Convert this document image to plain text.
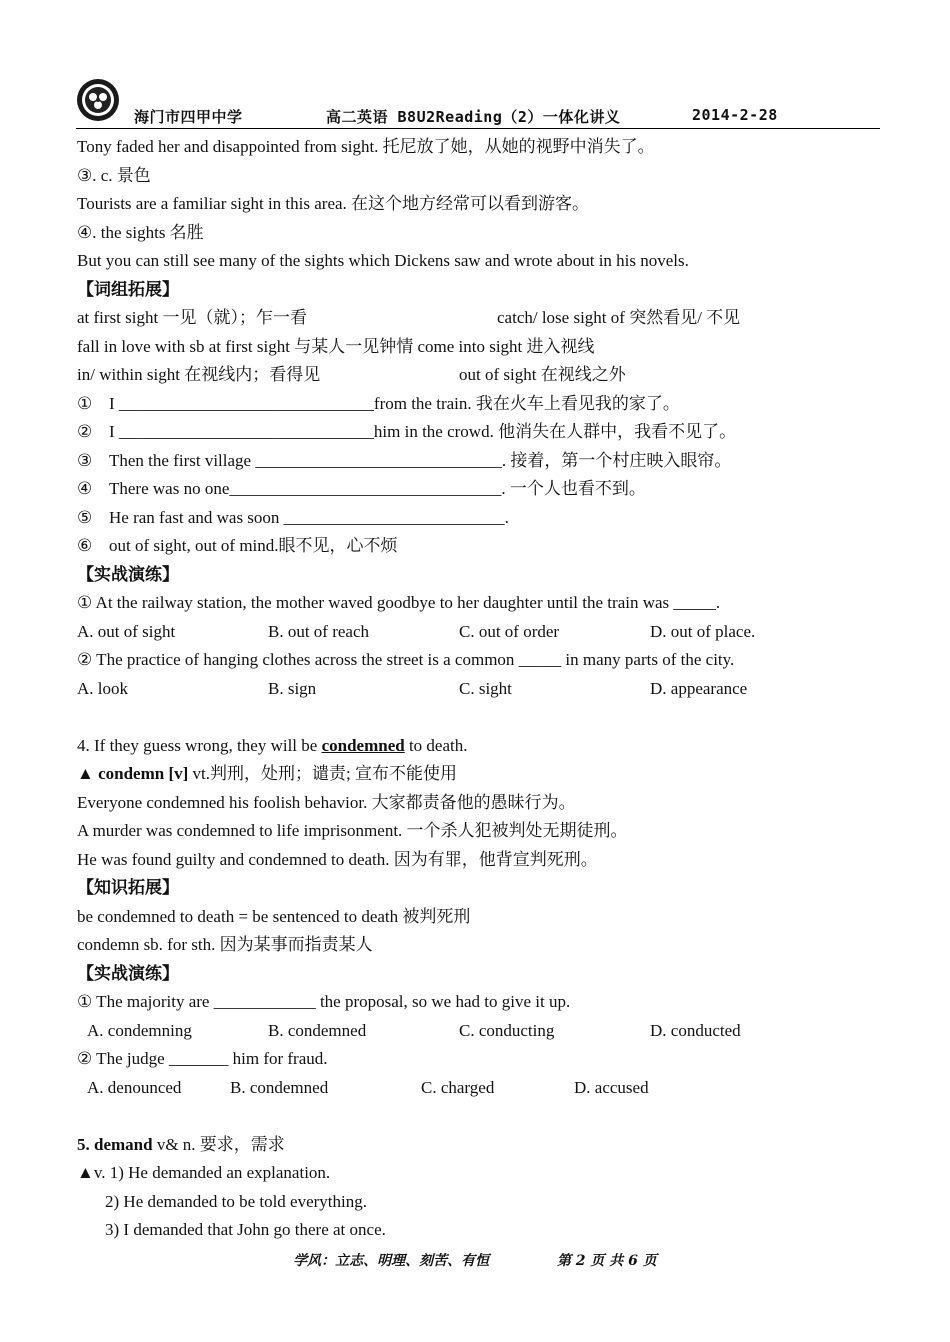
海门市四甲中学	高二英语 B8U2Reading（2）一体化讲义	2014-2-28
Tony faded her and disappointed from sight. 托尼放了她，从她的视野中消失了。
③. c. 景色
Tourists are a familiar sight in this area. 在这个地方经常可以看到游客。
④. the sights 名胜
But you can still see many of the sights which Dickens saw and wrote about in his novels.
【词组拓展】
at first sight 一见（就）；乍一看	catch/ lose sight of 突然看见/ 不见
fall in love with sb at first sight 与某人一见钟情 come into sight 进入视线
in/ within sight 在视线内；看得见	out of sight 在视线之外
① I ______________________________from the train. 我在火车上看见我的家了。
② I ______________________________him in the crowd. 他消失在人群中，我看不见了。
③ Then the first village _____________________________. 接着，第一个村庄映入眼帘。
④ There was no one________________________________. 一个人也看不到。
⑤ He ran fast and was soon __________________________.
⑥ out of sight, out of mind.眼不见，心不烦
【实战演练】
① At the railway station, the mother waved goodbye to her daughter until the train was _____.
A. out of sight	B. out of reach	C. out of order	D. out of place.
② The practice of hanging clothes across the street is a common _____ in many parts of the city.
A. look	B. sign	C. sight	D. appearance
4. If they guess wrong, they will be condemned to death.
▲ condemn [v] vt.判刑，处刑；谴责; 宣布不能使用
Everyone condemned his foolish behavior. 大家都责备他的愚昧行为。
A murder was condemned to life imprisonment. 一个杀人犯被判处无期徒刑。
He was found guilty and condemned to death. 因为有罪，他背宣判死刑。
【知识拓展】
be condemned to death = be sentenced to death 被判死刑
condemn sb. for sth. 因为某事而指责某人
【实战演练】
① The majority are ____________ the proposal, so we had to give it up.
A. condemning	B. condemned	C. conducting	D. conducted
② The judge _______ him for fraud.
A. denounced	B. condemned	C. charged	D. accused
5. demand v& n. 要求，需求
▲v. 1) He demanded an explanation.
2) He demanded to be told everything.
3) I demanded that John go there at once.
学风：立志、明理、刻苦、有恒	第 2 页 共 6 页
